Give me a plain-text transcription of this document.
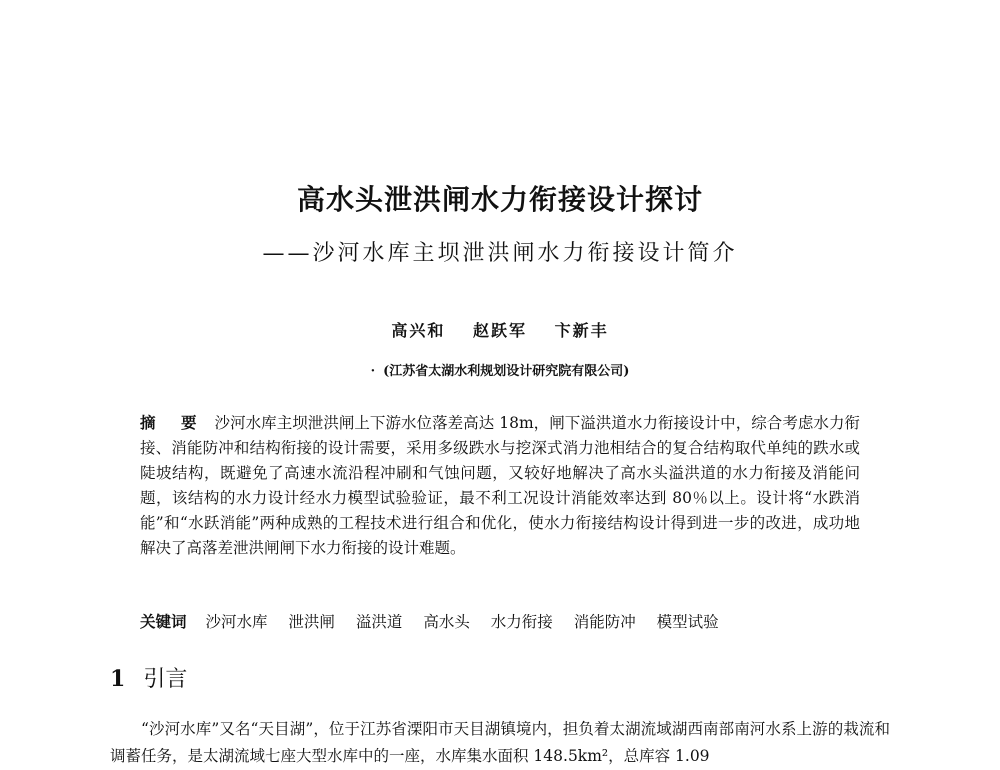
高水头泄洪闸水力衔接设计探讨
——沙河水库主坝泄洪闸水力衔接设计简介
高兴和 赵跃军 卞新丰
· (江苏省太湖水利规划设计研究院有限公司)
摘 要 沙河水库主坝泄洪闸上下游水位落差高达 18m，闸下溢洪道水力衔接设计中，综合考虑水力衔接、消能防冲和结构衔接的设计需要，采用多级跌水与挖深式消力池相结合的复合结构取代单纯的跌水或陡坡结构，既避免了高速水流沿程冲刷和气蚀问题，又较好地解决了高水头溢洪道的水力衔接及消能问题，该结构的水力设计经水力模型试验验证，最不利工况设计消能效率达到 80％以上。设计将“水跌消能”和“水跃消能”两种成熟的工程技术进行组合和优化，使水力衔接结构设计得到进一步的改进，成功地解决了高落差泄洪闸闸下水力衔接的设计难题。
关键词 沙河水库 泄洪闸 溢洪道 高水头 水力衔接 消能防冲 模型试验
1 引言
“沙河水库”又名“天目湖”，位于江苏省溧阳市天目湖镇境内，担负着太湖流域湖西南部南河水系上游的栽流和调蓄任务，是太湖流域七座大型水库中的一座，水库集水面积 148.5km²，总库容 1.09
